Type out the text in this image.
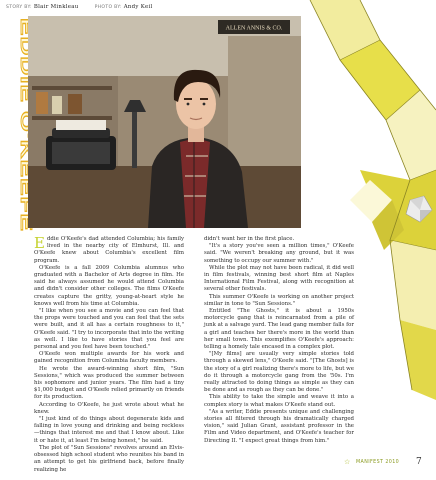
STORY BY: Blair Minkleau	PHOTO BY: Andy Keil
EDDIE O'KEEFE	ALLEN ANNIS & CO.
E ddie O'Keefe's dad attended Columbia; his family lived in the nearby city of Elmhurst, Ill. and O'Keefe knew about Columbia's excellent film program.

O'Keefe is a fall 2009 Columbia alumnus who graduated with a Bachelor of Arts degree in film. He said he always assumed he would attend Columbia and didn't consider other colleges. The films O'Keefe creates capture the gritty, young-at-heart style he knows well from his time at Columbia.

"I like when you see a movie and you can feel that the props were touched and you can feel that the sets were built, and it all has a certain roughness to it," O'Keefe said. "I try to incorporate that into the writing as well. I like to have stories that you feel are personal and you feel have been touched."

O'Keefe won multiple awards for his work and gained recognition from Columbia faculty members.

He wrote the award-winning short film, "Sun Sessions," which was produced the summer between his sophomore and junior years. The film had a tiny $1,000 budget and O'Keefe relied primarily on friends for its production.

According to O'Keefe, he just wrote about what he knew.

"I just kind of do things about degenerate kids and falling in love young and drinking and being reckless—things that interest me and that I know about. Like it or hate it, at least I'm being honest," he said.

The plot of "Sun Sessions" revolves around an Elvis-obsessed high school student who reunites his band in an attempt to get his girlfriend back, before finally realizing he

didn't want her in the first place.

"It's a story you've seen a million times," O'Keefe said. "We weren't breaking any ground, but it was something to occupy our summer with."

While the plot may not have been radical, it did well in film festivals, winning best short film at Naples International Film Festival, along with recognition at several other festivals.

This summer O'Keefe is working on another project similar in tone to "Sun Sessions."

Entitled "The Ghosts," it is about a 1950s motorcycle gang that is reincarnated from a pile of junk at a salvage yard. The lead gang member falls for a girl and teaches her there's more in the world than her small town. This exemplifies O'Keefe's approach: telling a homely tale encased in a complex plot.

"[My films] are usually very simple stories told through a skewed lens," O'Keefe said. "[The Ghosts] is the story of a girl realizing there's more to life, but we do it through a motorcycle gang from the '50s. I'm really attracted to doing things as simple as they can be done and as rough as they can be done."

This ability to take the simple and weave it into a complex story is what makes O'Keefe stand out.

"As a writer, Eddie presents unique and challenging stories all filtered through his dramatically charged vision," said Julian Grant, assistant professor in the Film and Video department, and O'Keefe's teacher for Directing II. "I expect great things from him."

☆ MANIFEST 2010 7
